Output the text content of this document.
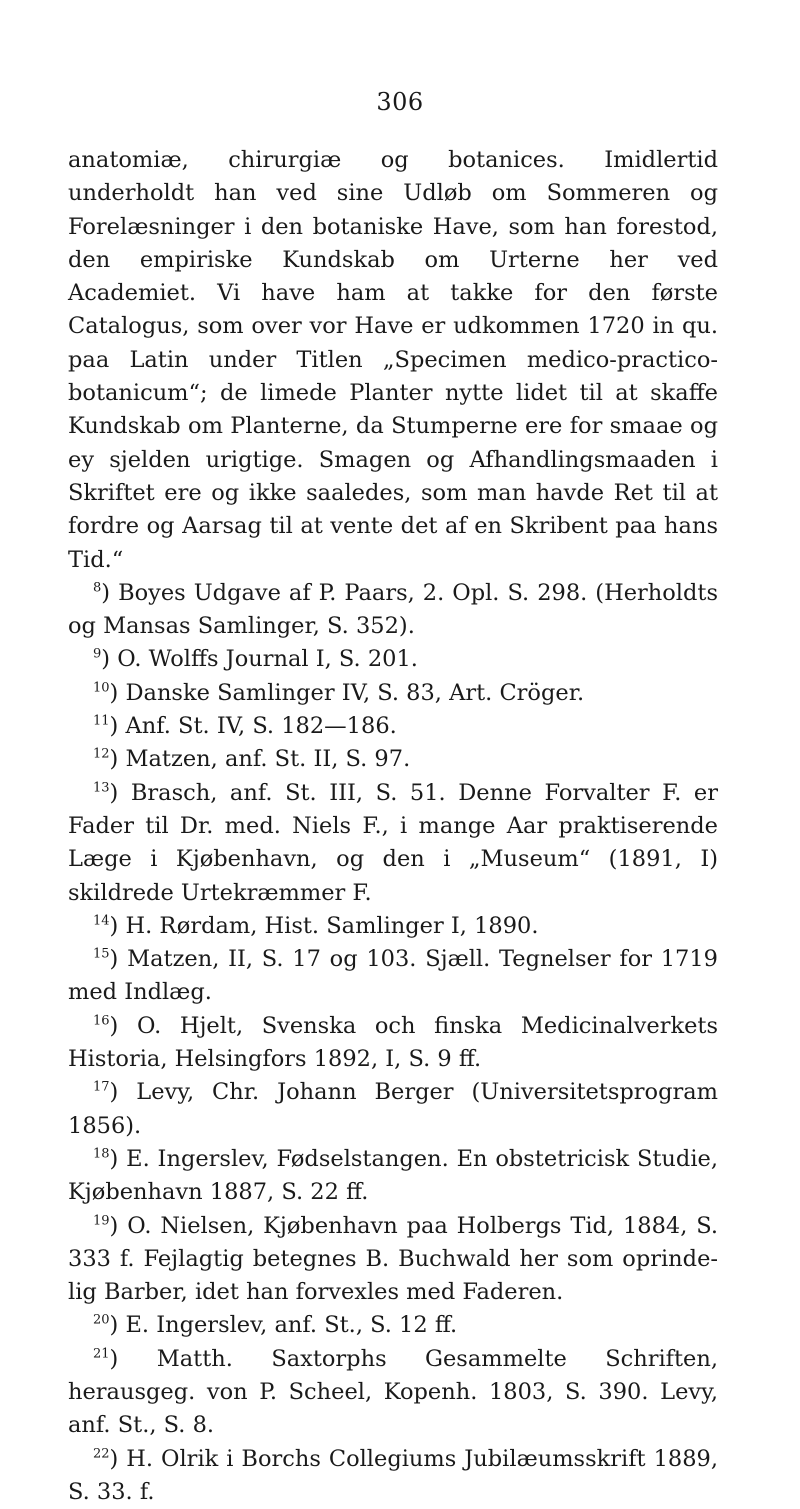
306

anatomiæ, chirurgiæ og botanices. Imidlertid underholdt han ved sine Udløb om Sommeren og Forelæsninger i den botaniske Have, som han forestod, den empiriske Kundskab om Urterne her ved Academiet. Vi have ham at takke for den første Catalogus, som over vor Have er udkommen 1720 in qu. paa Latin under Titlen „Specimen medico-practico-botanicum“; de limede Planter nytte lidet til at skaffe Kundskab om Planterne, da Stumperne ere for smaae og ey sjelden urigtige. Smagen og Afhandlingsmaaden i Skriftet ere og ikke saaledes, som man havde Ret til at fordre og Aarsag til at vente det af en Skribent paa hans Tid.“

$^8$) Boyes Udgave af P. Paars, 2. Opl. S. 298. (Herholdts og Mansas Samlinger, S. 352).

$^9$) O. Wolffs Journal I, S. 201.

$^{10}$) Danske Samlinger IV, S. 83, Art. Cröger.

$^{11}$) Anf. St. IV, S. 182—186.

$^{12}$) Matzen, anf. St. II, S. 97.

$^{13}$) Brasch, anf. St. III, S. 51. Denne Forvalter F. er Fader til Dr. med. Niels F., i mange Aar praktiserende Læge i Kjøbenhavn, og den i „Museum“ (1891, I) skildrede Urtekræmmer F.

$^{14}$) H. Rørdam, Hist. Samlinger I, 1890.

$^{15}$) Matzen, II, S. 17 og 103. Sjæll. Tegnelser for 1719 med Indlæg.

$^{16}$) O. Hjelt, Svenska och finska Medicinalverkets Historia, Helsingfors 1892, I, S. 9 ff.

$^{17}$) Levy, Chr. Johann Berger (Universitetsprogram 1856).

$^{18}$) E. Ingerslev, Fødselstangen. En obstetricisk Studie, Kjøbenhavn 1887, S. 22 ff.

$^{19}$) O. Nielsen, Kjøbenhavn paa Holbergs Tid, 1884, S. 333 f. Fejlagtig betegnes B. Buchwald her som oprindelig Barber, idet han forvexles med Faderen.

$^{20}$) E. Ingerslev, anf. St., S. 12 ff.

$^{21}$) Matth. Saxtorphs Gesammelte Schriften, herausgeg. von P. Scheel, Kopenh. 1803, S. 390. Levy, anf. St., S. 8.

$^{22}$) H. Olrik i Borchs Collegiums Jubilæumsskrift 1889, S. 33. f.
